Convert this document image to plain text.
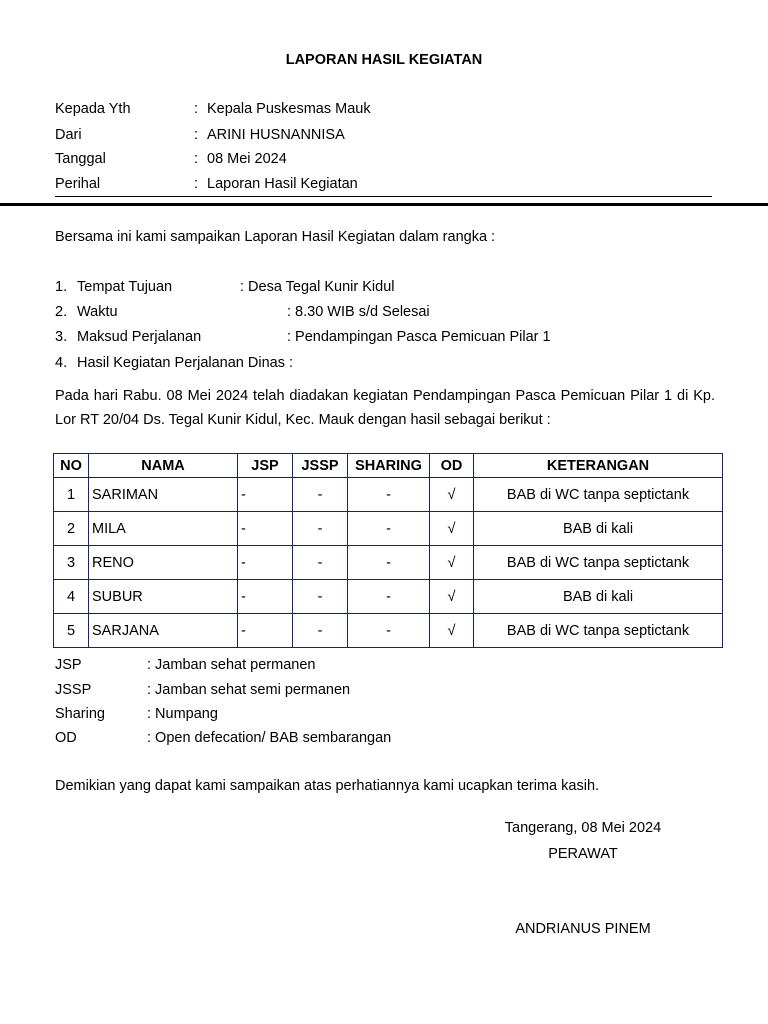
LAPORAN HASIL KEGIATAN
Kepada Yth	: Kepala Puskesmas Mauk
Dari	: ARINI HUSNANNISA
Tanggal	: 08 Mei 2024
Perihal	: Laporan Hasil Kegiatan
Bersama ini kami sampaikan Laporan Hasil Kegiatan dalam rangka :
1. Tempat Tujuan	: Desa Tegal Kunir Kidul
2. Waktu	: 8.30 WIB s/d Selesai
3. Maksud Perjalanan	: Pendampingan Pasca Pemicuan Pilar 1
4. Hasil Kegiatan Perjalanan Dinas :
Pada hari Rabu. 08 Mei 2024 telah diadakan kegiatan Pendampingan Pasca Pemicuan Pilar 1 di Kp. Lor RT 20/04 Ds. Tegal Kunir Kidul, Kec. Mauk dengan hasil sebagai berikut :
NO	NAMA	JSP	JSSP	SHARING	OD	KETERANGAN
1	SARIMAN	-	-	-	√	BAB di WC tanpa septictank
2	MILA	-	-	-	√	BAB di kali
3	RENO	-	-	-	√	BAB di WC tanpa septictank
4	SUBUR	-	-	-	√	BAB di kali
5	SARJANA	-	-	-	√	BAB di WC tanpa septictank
JSP	: Jamban sehat permanen
JSSP	: Jamban sehat semi permanen
Sharing	: Numpang
OD	: Open defecation/ BAB sembarangan
Demikian yang dapat kami sampaikan atas perhatiannya kami ucapkan terima kasih.
Tangerang, 08 Mei 2024
PERAWAT
ANDRIANUS PINEM
